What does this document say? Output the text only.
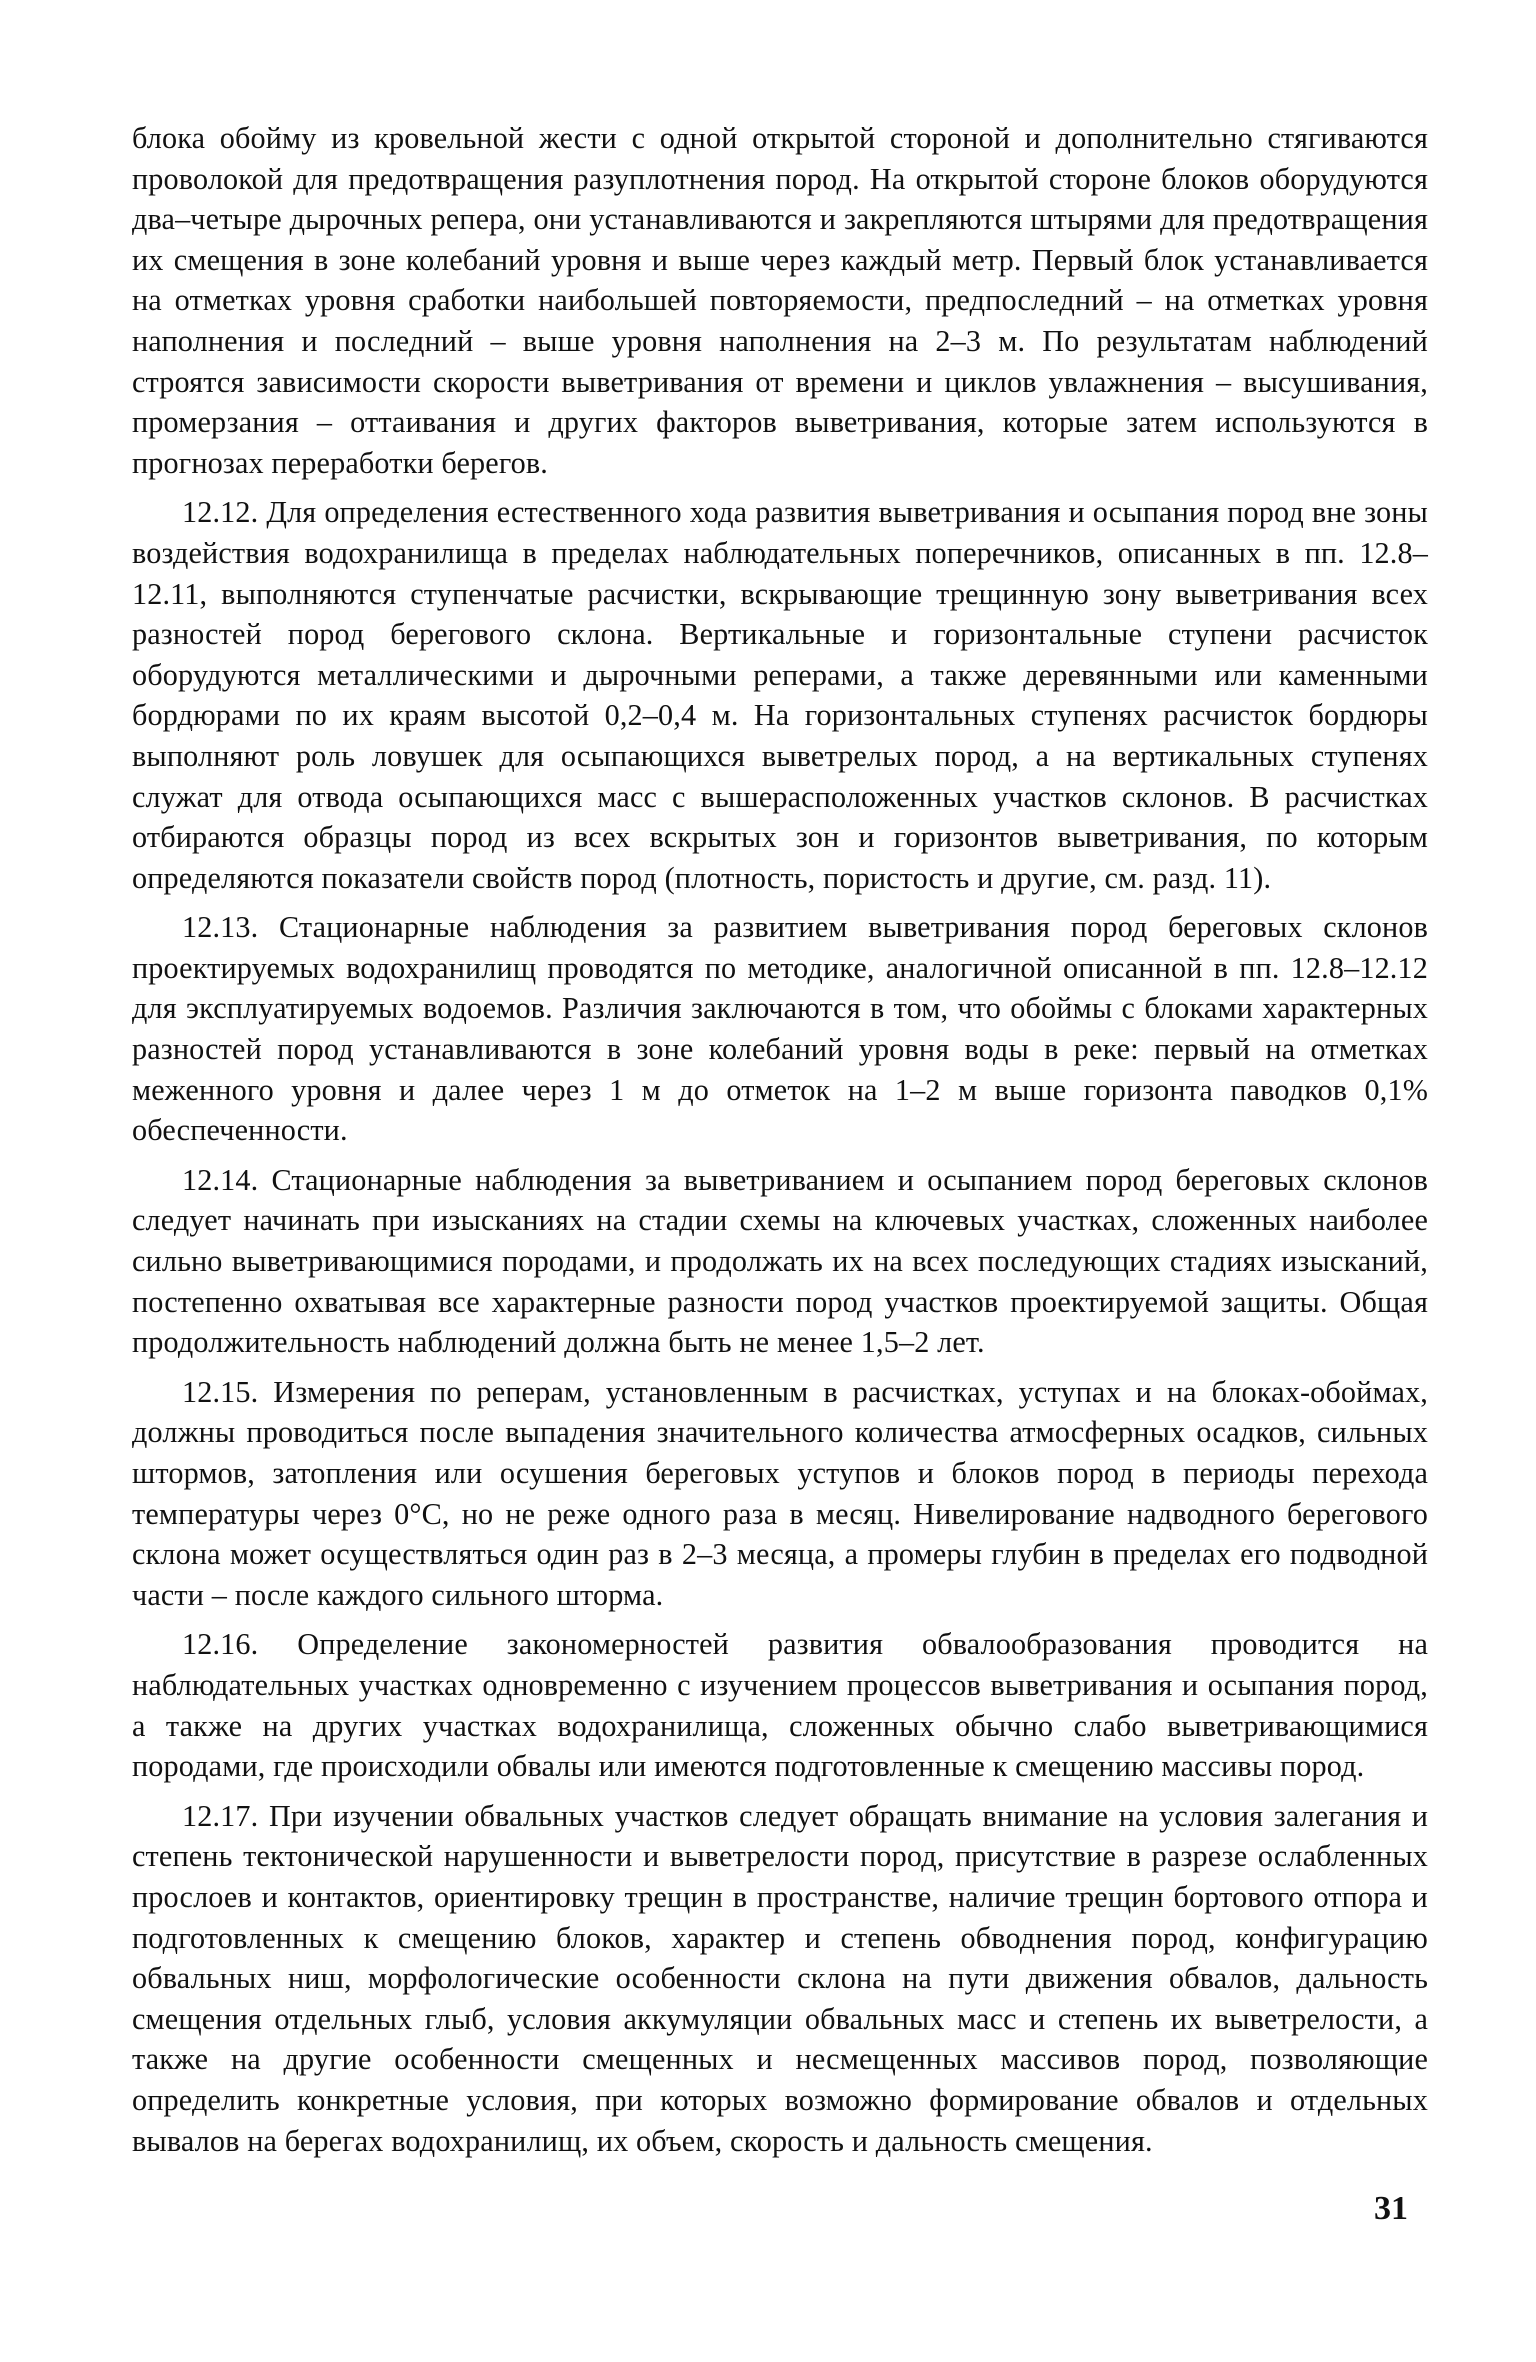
блока обойму из кровельной жести с одной открытой стороной и дополнительно стягиваются проволокой для предотвращения разуплотнения пород. На открытой стороне блоков оборудуются два–четыре дырочных репера, они устанавливаются и закрепляются штырями для предотвращения их смещения в зоне колебаний уровня и выше через каждый метр. Первый блок устанавливается на отметках уровня сработки наибольшей повторяемости, предпоследний – на отметках уровня наполнения и последний – выше уровня наполнения на 2–3 м. По результатам наблюдений строятся зависимости скорости выветривания от времени и циклов увлажнения – высушивания, промерзания – оттаивания и других факторов выветривания, которые затем используются в прогнозах переработки берегов.

12.12. Для определения естественного хода развития выветривания и осыпания пород вне зоны воздействия водохранилища в пределах наблюдательных поперечников, описанных в пп. 12.8–12.11, выполняются ступенчатые расчистки, вскрывающие трещинную зону выветривания всех разностей пород берегового склона. Вертикальные и горизонтальные ступени расчисток оборудуются металлическими и дырочными реперами, а также деревянными или каменными бордюрами по их краям высотой 0,2–0,4 м. На горизонтальных ступенях расчисток бордюры выполняют роль ловушек для осыпающихся выветрелых пород, а на вертикальных ступенях служат для отвода осыпающихся масс с вышерасположенных участков склонов. В расчистках отбираются образцы пород из всех вскрытых зон и горизонтов выветривания, по которым определяются показатели свойств пород (плотность, пористость и другие, см. разд. 11).

12.13. Стационарные наблюдения за развитием выветривания пород береговых склонов проектируемых водохранилищ проводятся по методике, аналогичной описанной в пп. 12.8–12.12 для эксплуатируемых водоемов. Различия заключаются в том, что обоймы с блоками характерных разностей пород устанавливаются в зоне колебаний уровня воды в реке: первый на отметках меженного уровня и далее через 1 м до отметок на 1–2 м выше горизонта паводков 0,1% обеспеченности.

12.14. Стационарные наблюдения за выветриванием и осыпанием пород береговых склонов следует начинать при изысканиях на стадии схемы на ключевых участках, сложенных наиболее сильно выветривающимися породами, и продолжать их на всех последующих стадиях изысканий, постепенно охватывая все характерные разности пород участков проектируемой защиты. Общая продолжительность наблюдений должна быть не менее 1,5–2 лет.

12.15. Измерения по реперам, установленным в расчистках, уступах и на блоках-обоймах, должны проводиться после выпадения значительного количества атмосферных осадков, сильных штормов, затопления или осушения береговых уступов и блоков пород в периоды перехода температуры через 0°С, но не реже одного раза в месяц. Нивелирование надводного берегового склона может осуществляться один раз в 2–3 месяца, а промеры глубин в пределах его подводной части – после каждого сильного шторма.

12.16. Определение закономерностей развития обвалообразования проводится на наблюдательных участках одновременно с изучением процессов выветривания и осыпания пород, а также на других участках водохранилища, сложенных обычно слабо выветривающимися породами, где происходили обвалы или имеются подготовленные к смещению массивы пород.

12.17. При изучении обвальных участков следует обращать внимание на условия залегания и степень тектонической нарушенности и выветрелости пород, присутствие в разрезе ослабленных прослоев и контактов, ориентировку трещин в пространстве, наличие трещин бортового отпора и подготовленных к смещению блоков, характер и степень обводнения пород, конфигурацию обвальных ниш, морфологические особенности склона на пути движения обвалов, дальность смещения отдельных глыб, условия аккумуляции обвальных масс и степень их выветрелости, а также на другие особенности смещенных и несмещенных массивов пород, позволяющие определить конкретные условия, при которых возможно формирование обвалов и отдельных вывалов на берегах водохранилищ, их объем, скорость и дальность смещения.

31
